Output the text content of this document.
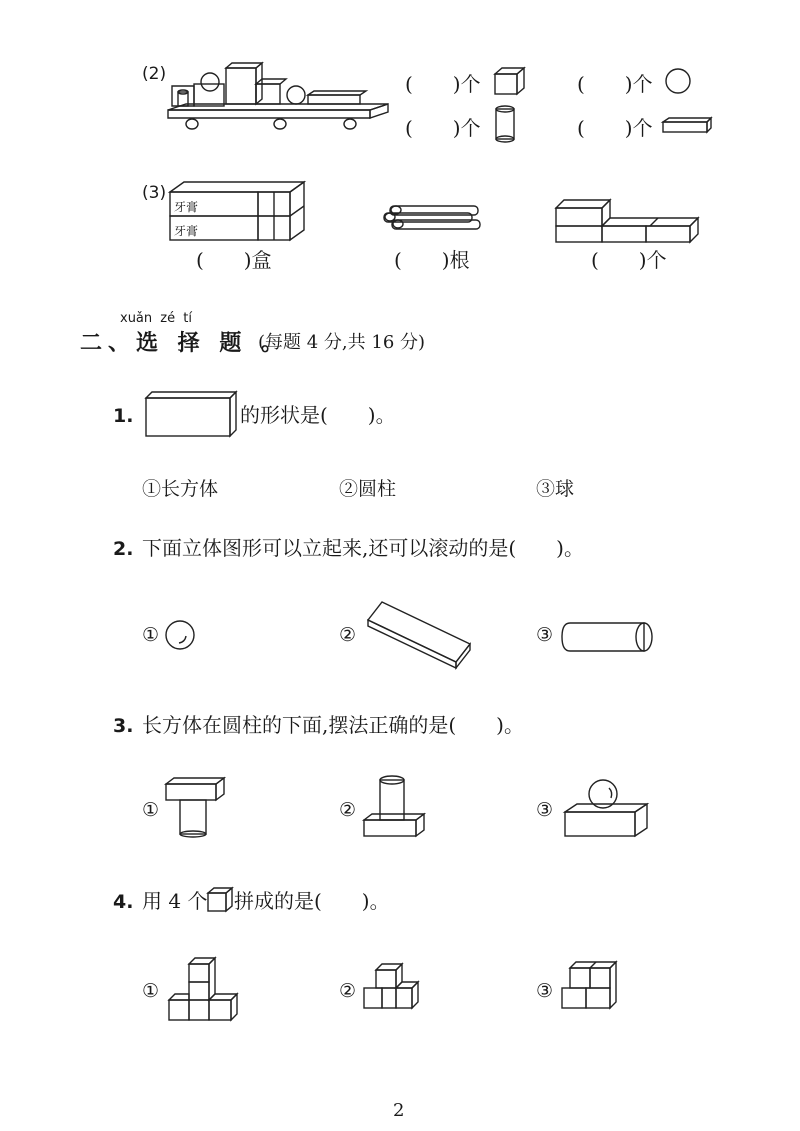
(2)	(　　)个	(　　)个
(　　)个	(　　)个
(3)
牙膏
牙膏
(　　)盒	(　　)根	(　　)个
xuǎn zé tí
二、选 择 题 。
(每题 4 分,共 16 分)
1.	的形状是(　　)。
①长方体	②圆柱	③球
2. 下面立体图形可以立起来,还可以滚动的是(　　)。
①	②	③
3. 长方体在圆柱的下面,摆法正确的是(　　)。
①	②	③
4. 用 4 个 拼成的是(　　)。
①	②	③
2
